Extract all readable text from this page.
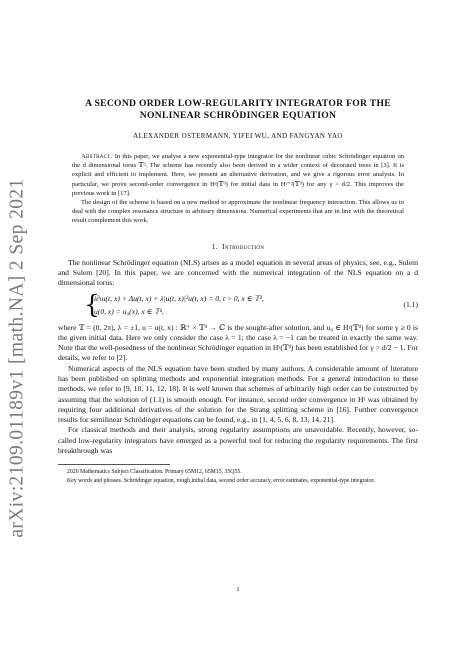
arXiv:2109.01189v1 [math.NA] 2 Sep 2021
A SECOND ORDER LOW-REGULARITY INTEGRATOR FOR THE
NONLINEAR SCHRÖDINGER EQUATION
ALEXANDER OSTERMANN, YIFEI WU, AND FANGYAN YAO

Abstract. In this paper, we analyse a new exponential-type integrator for the nonlinear cubic Schrödinger equation on the d dimensional torus 𝕋ᵈ. The scheme has recently also been derived in a wider context of decorated trees in [3]. It is explicit and efficient to implement. Here, we present an alternative derivation, and we give a rigorous error analysis. In particular, we prove second-order convergence in Hᵞ(𝕋ᵈ) for initial data in Hᵞ⁺²(𝕋ᵈ) for any γ > d/2. This improves the previous work in [17].

The design of the scheme is based on a new method to approximate the nonlinear frequency interaction. This allows us to deal with the complex resonance structure in arbitrary dimensions. Numerical experiments that are in line with the theoretical result complement this work.

1. Introduction

The nonlinear Schrödinger equation (NLS) arises as a model equation in several areas of physics, see, e.g., Sulem and Sulem [20]. In this paper, we are concerned with the numerical integration of the NLS equation on a d dimensional torus:

{
i∂ₜu(t, x) + Δu(t, x) + λ|u(t, x)|²u(t, x) = 0, t > 0, x ∈ 𝕋ᵈ,
u(0, x) = u₀(x), x ∈ 𝕋ᵈ,
(1.1)

where 𝕋 = (0, 2π), λ = ±1, u = u(t, x) : ℝ⁺ × 𝕋ᵈ → ℂ is the sought-after solution, and u₀ ∈ Hᵞ(𝕋ᵈ) for some γ ≥ 0 is the given initial data. Here we only consider the case λ = 1; the case λ = −1 can be treated in exactly the same way. Note that the well-posedness of the nonlinear Schrödinger equation in Hᵞ(𝕋ᵈ) has been established for γ > d/2 − 1. For details, we refer to [2].

Numerical aspects of the NLS equation have been studied by many authors. A considerable amount of literature has been published on splitting methods and exponential integration methods. For a general introduction to these methods, we refer to [9, 10, 11, 12, 18]. It is well known that schemes of arbitrarily high order can be constructed by assuming that the solution of (1.1) is smooth enough. For instance, second order convergence in Hᵞ was obtained by requiring four additional derivatives of the solution for the Strang splitting scheme in [16]. Further convergence results for semilinear Schrödinger equations can be found, e.g., in [1, 4, 5, 6, 8, 13, 14, 21].

For classical methods and their analysis, strong regularity assumptions are unavoidable. Recently, however, so-called low-regularity integrators have emerged as a powerful tool for reducing the regularity requirements. The first breakthrough was

2020 Mathematics Subject Classification. Primary 65M12, 65M15, 35Q55.

Key words and phrases. Schrödinger equation, rough initial data, second order accuracy, error estimates, exponential-type integrator.

1
